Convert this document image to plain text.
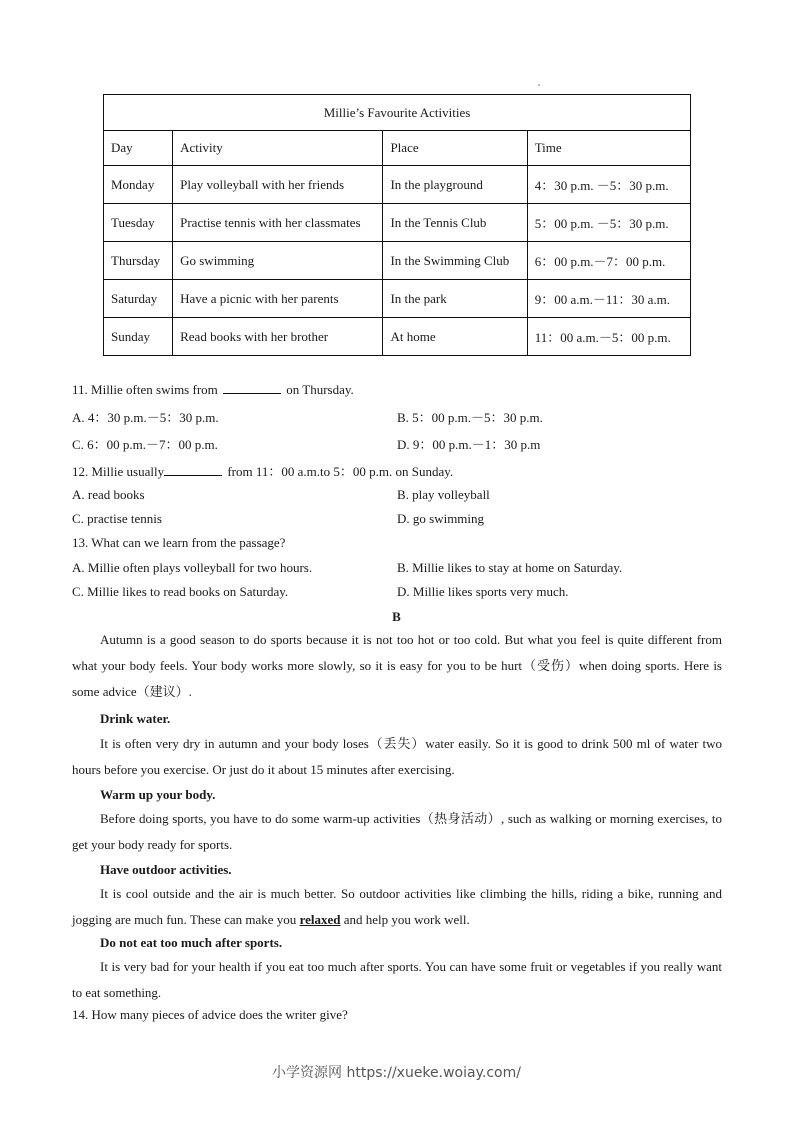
Millie’s Favourite Activities			
Day	Activity	Place	Time
Monday	Play volleyball with her friends	In the playground	4：30 p.m. －5：30 p.m.
Tuesday	Practise tennis with her classmates	In the Tennis Club	5：00 p.m. －5：30 p.m.
Thursday	Go swimming	In the Swimming Club	6：00 p.m.－7：00 p.m.
Saturday	Have a picnic with her parents	In the park	9：00 a.m.－11：30 a.m.
Sunday	Read books with her brother	At home	11：00 a.m.－5：00 p.m.
11. Millie often swims from	on Thursday.
A. 4：30 p.m.－5：30 p.m.	B. 5：00 p.m.－5：30 p.m.
C. 6：00 p.m.－7：00 p.m.	D. 9：00 p.m.－1：30 p.m
12. Millie usually	from 11：00 a.m.to 5：00 p.m. on Sunday.
A. read books	B. play volleyball
C. practise tennis	D. go swimming
13. What can we learn from the passage?
A. Millie often plays volleyball for two hours.	B. Millie likes to stay at home on Saturday.
C. Millie likes to read books on Saturday.	D. Millie likes sports very much.
B
Autumn is a good season to do sports because it is not too hot or too cold. But what you feel is quite different from what your body feels. Your body works more slowly, so it is easy for you to be hurt（受伤）when doing sports. Here is some advice（建议）.
Drink water.
It is often very dry in autumn and your body loses（丢失）water easily. So it is good to drink 500 ml of water two hours before you exercise. Or just do it about 15 minutes after exercising.
Warm up your body.
Before doing sports, you have to do some warm-up activities（热身活动）, such as walking or morning exercises, to get your body ready for sports.
Have outdoor activities.
It is cool outside and the air is much better. So outdoor activities like climbing the hills, riding a bike, running and jogging are much fun. These can make you relaxed and help you work well.
Do not eat too much after sports.
It is very bad for your health if you eat too much after sports. You can have some fruit or vegetables if you really want to eat something.
14. How many pieces of advice does the writer give?
小学资源网 https://xueke.woiay.com/
